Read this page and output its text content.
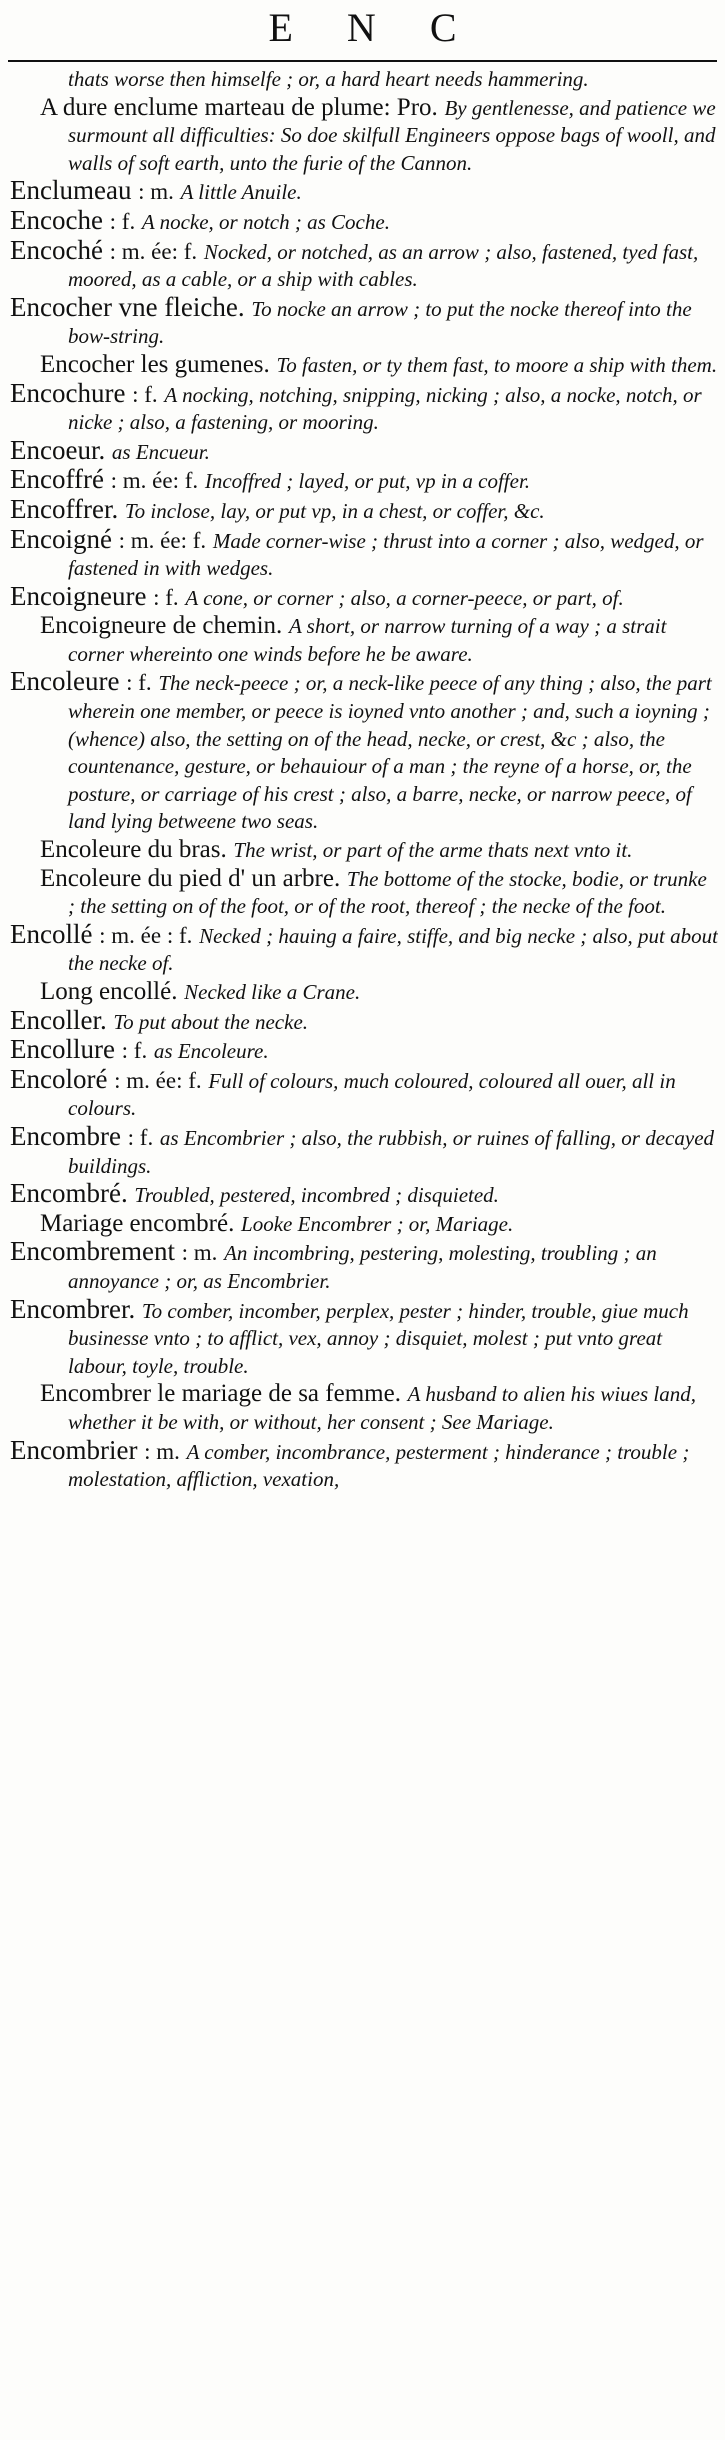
E N C

thats worse then himselfe ; or, a hard heart needs hammering.

A dure enclume marteau de plume: Pro. By gentlenesse, and patience we surmount all difficulties: So doe skilfull Engineers oppose bags of wooll, and walls of soft earth, unto the furie of the Cannon.

Enclumeau : m. A little Anuile.

Encoche : f. A nocke, or notch ; as Coche.

Encoché : m. ée: f. Nocked, or notched, as an arrow ; also, fastened, tyed fast, moored, as a cable, or a ship with cables.

Encocher vne fleiche. To nocke an arrow ; to put the nocke thereof into the bow-string.

Encocher les gumenes. To fasten, or ty them fast, to moore a ship with them.

Encochure : f. A nocking, notching, snipping, nicking ; also, a nocke, notch, or nicke ; also, a fastening, or mooring.

Encoeur. as Encueur.

Encoffré : m. ée: f. Incoffred ; layed, or put, vp in a coffer.

Encoffrer. To inclose, lay, or put vp, in a chest, or coffer, &c.

Encoigné : m. ée: f. Made corner-wise ; thrust into a corner ; also, wedged, or fastened in with wedges.

Encoigneure : f. A cone, or corner ; also, a corner-peece, or part, of.

Encoigneure de chemin. A short, or narrow turning of a way ; a strait corner whereinto one winds before he be aware.

Encoleure : f. The neck-peece ; or, a neck-like peece of any thing ; also, the part wherein one member, or peece is ioyned vnto another ; and, such a ioyning ; (whence) also, the setting on of the head, necke, or crest, &c ; also, the countenance, gesture, or behauiour of a man ; the reyne of a horse, or, the posture, or carriage of his crest ; also, a barre, necke, or narrow peece, of land lying betweene two seas.

Encoleure du bras. The wrist, or part of the arme thats next vnto it.

Encoleure du pied d' un arbre. The bottome of the stocke, bodie, or trunke ; the setting on of the foot, or of the root, thereof ; the necke of the foot.

Encollé : m. ée : f. Necked ; hauing a faire, stiffe, and big necke ; also, put about the necke of.

Long encollé. Necked like a Crane.

Encoller. To put about the necke.

Encollure : f. as Encoleure.

Encoloré : m. ée: f. Full of colours, much coloured, coloured all ouer, all in colours.

Encombre : f. as Encombrier ; also, the rubbish, or ruines of falling, or decayed buildings.

Encombré. Troubled, pestered, incombred ; disquieted.

Mariage encombré. Looke Encombrer ; or, Mariage.

Encombrement : m. An incombring, pestering, molesting, troubling ; an annoyance ; or, as Encombrier.

Encombrer. To comber, incomber, perplex, pester ; hinder, trouble, giue much businesse vnto ; to afflict, vex, annoy ; disquiet, molest ; put vnto great labour, toyle, trouble.

Encombrer le mariage de sa femme. A husband to alien his wiues land, whether it be with, or without, her consent ; See Mariage.

Encombrier : m. A comber, incombrance, pesterment ; hinderance ; trouble ; molestation, affliction, vexation,
